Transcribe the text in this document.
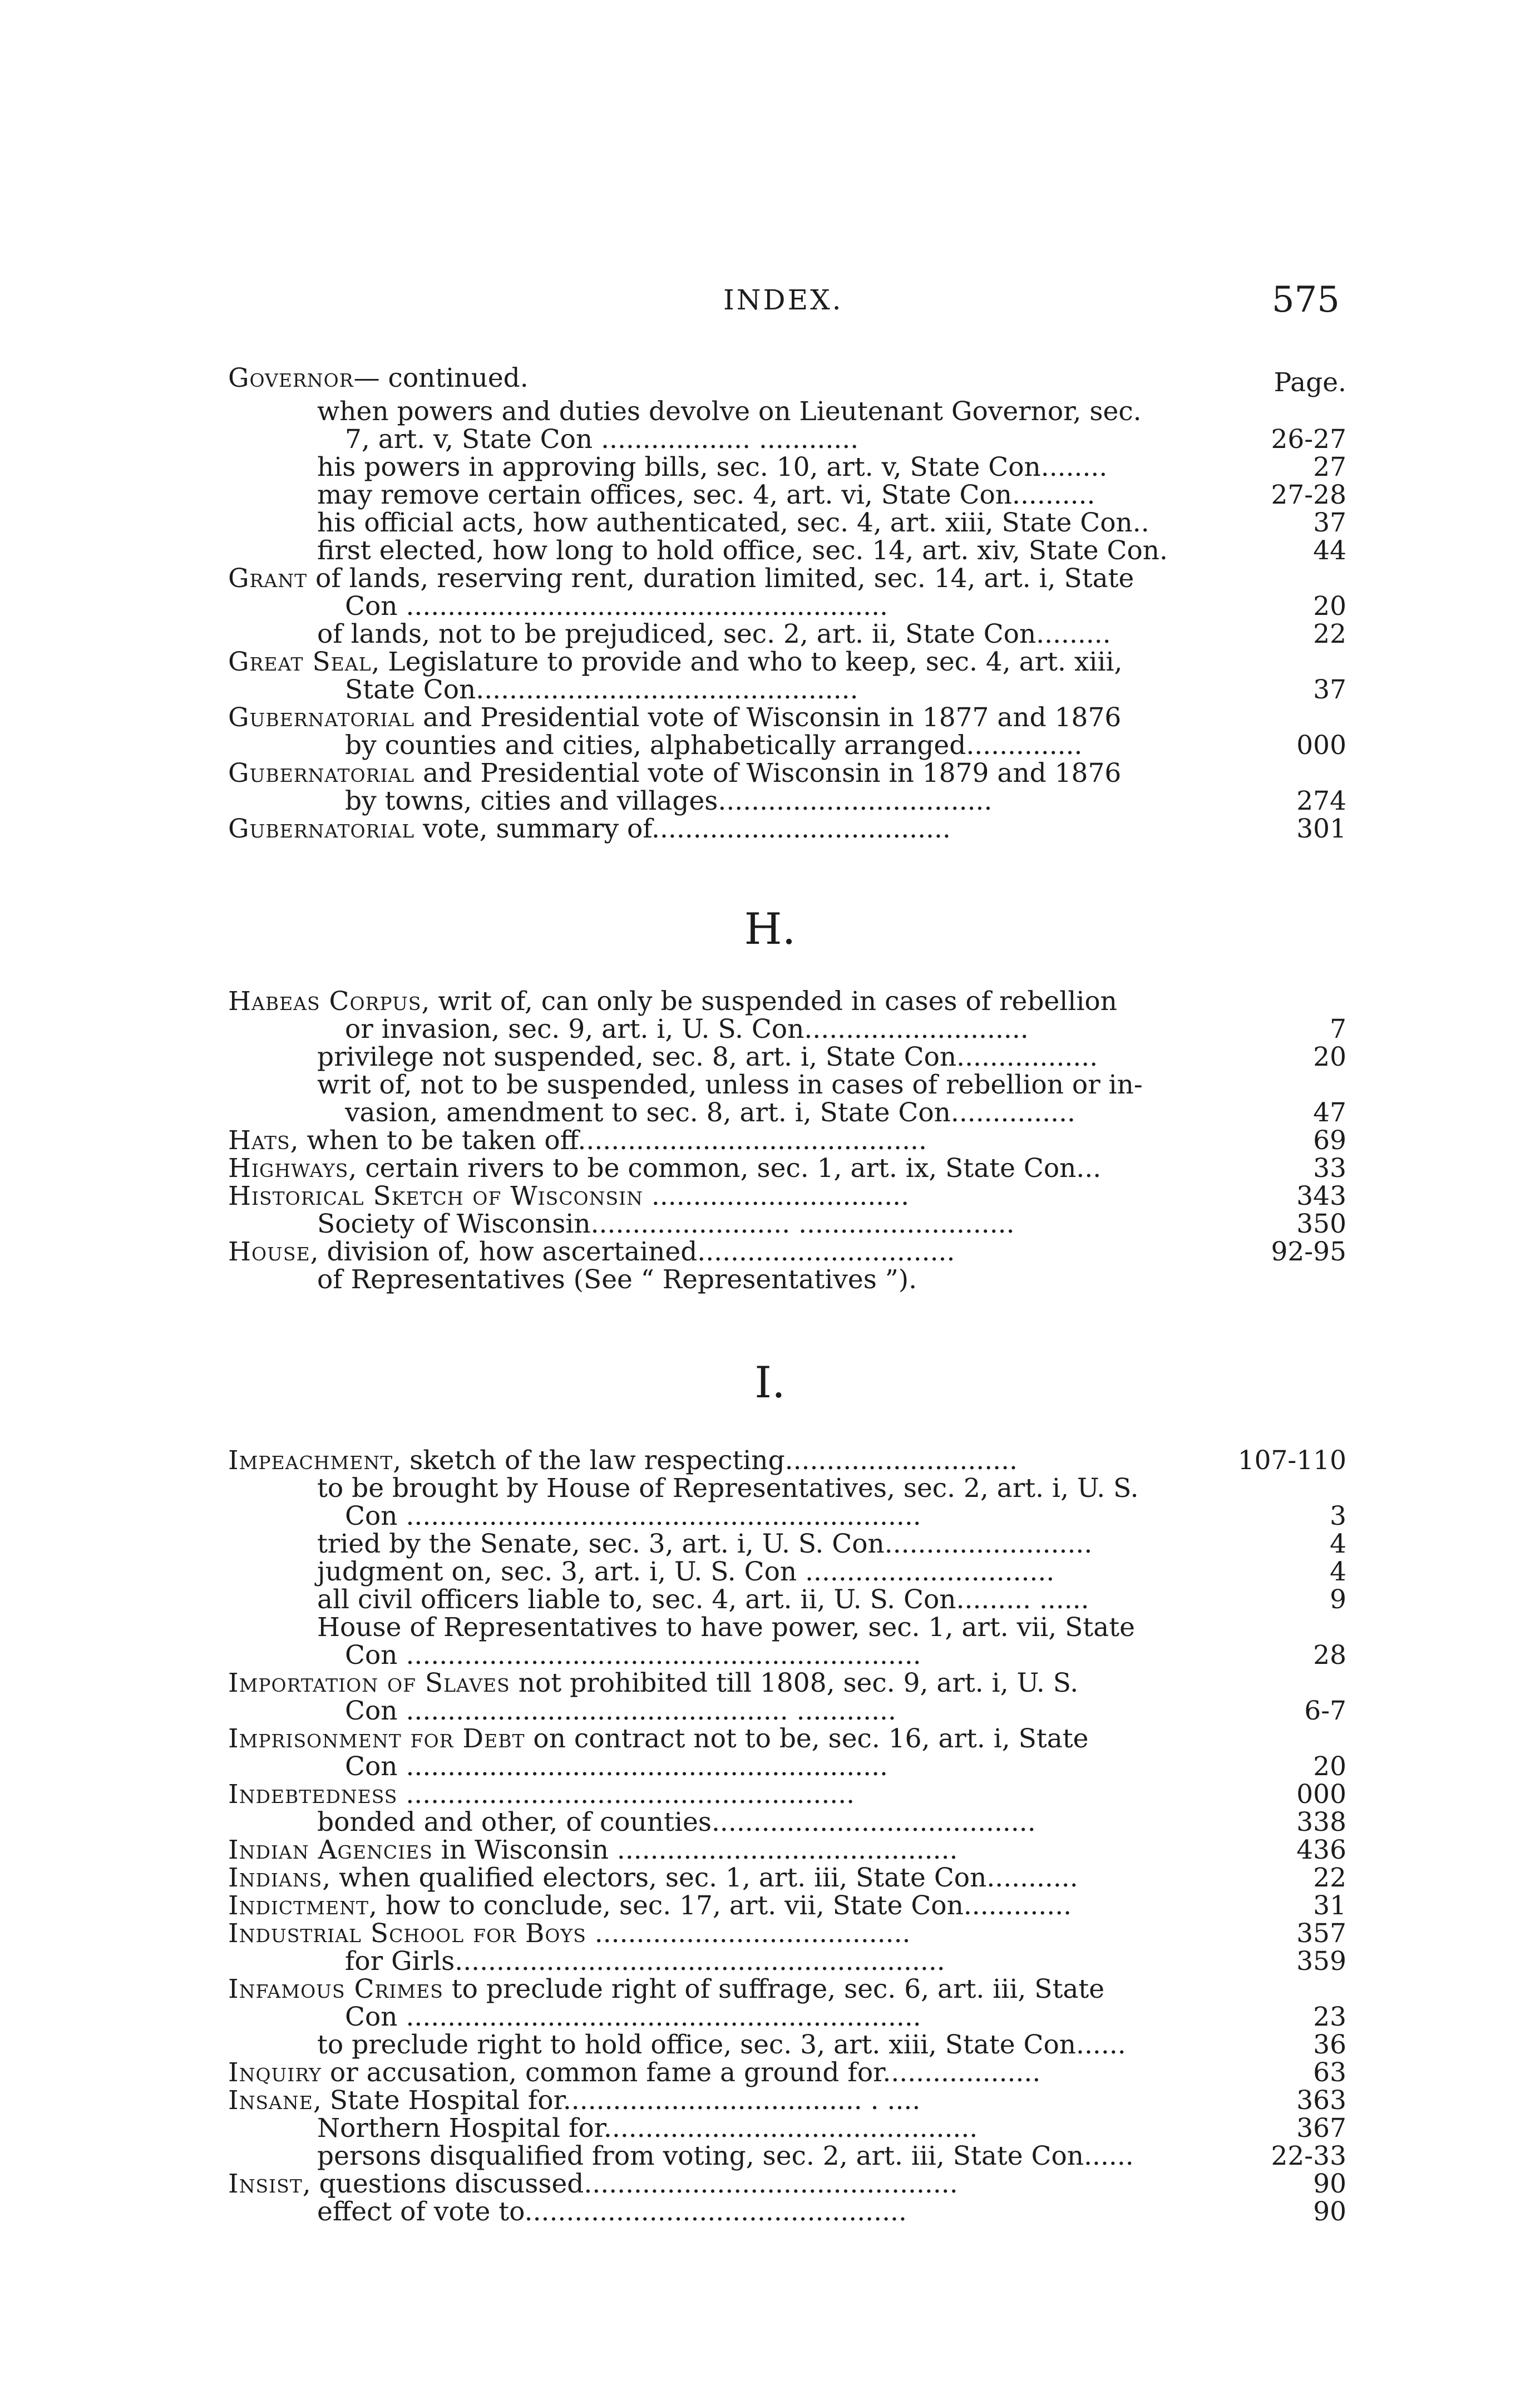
INDEX.	575
Governor— continued.	Page.
when powers and duties devolve on Lieutenant Governor, sec.
7, art. v, State Con .................. ............	26-27
his powers in approving bills, sec. 10, art. v, State Con........	27
may remove certain offices, sec. 4, art. vi, State Con..........	27-28
his official acts, how authenticated, sec. 4, art. xiii, State Con..	37
first elected, how long to hold office, sec. 14, art. xiv, State Con.	44
Grant of lands, reserving rent, duration limited, sec. 14, art. i, State
Con ..........................................................	20
of lands, not to be prejudiced, sec. 2, art. ii, State Con.........	22
Great Seal, Legislature to provide and who to keep, sec. 4, art. xiii,
State Con..............................................	37
Gubernatorial and Presidential vote of Wisconsin in 1877 and 1876
by counties and cities, alphabetically arranged..............	000
Gubernatorial and Presidential vote of Wisconsin in 1879 and 1876
by towns, cities and villages.................................	274
Gubernatorial vote, summary of....................................	301
H.
Habeas Corpus, writ of, can only be suspended in cases of rebellion
or invasion, sec. 9, art. i, U. S. Con...........................	7
privilege not suspended, sec. 8, art. i, State Con.................	20
writ of, not to be suspended, unless in cases of rebellion or in-
vasion, amendment to sec. 8, art. i, State Con...............	47
Hats, when to be taken off..........................................	69
Highways, certain rivers to be common, sec. 1, art. ix, State Con...	33
Historical Sketch of Wisconsin ...............................	343
Society of Wisconsin........................ ..........................	350
House, division of, how ascertained...............................	92-95
of Representatives (See “ Representatives ”).
I.
Impeachment, sketch of the law respecting............................	107-110
to be brought by House of Representatives, sec. 2, art. i, U. S.
Con ..............................................................	3
tried by the Senate, sec. 3, art. i, U. S. Con.........................	4
judgment on, sec. 3, art. i, U. S. Con ..............................	4
all civil officers liable to, sec. 4, art. ii, U. S. Con......... ......	9
House of Representatives to have power, sec. 1, art. vii, State
Con ..............................................................	28
Importation of Slaves not prohibited till 1808, sec. 9, art. i, U. S.
Con .............................................. ............	6-7
Imprisonment for Debt on contract not to be, sec. 16, art. i, State
Con ..........................................................	20
Indebtedness ......................................................	000
bonded and other, of counties.......................................	338
Indian Agencies in Wisconsin .........................................	436
Indians, when qualified electors, sec. 1, art. iii, State Con...........	22
Indictment, how to conclude, sec. 17, art. vii, State Con.............	31
Industrial School for Boys ......................................	357
for Girls...........................................................	359
Infamous Crimes to preclude right of suffrage, sec. 6, art. iii, State
Con ..............................................................	23
to preclude right to hold office, sec. 3, art. xiii, State Con......	36
Inquiry or accusation, common fame a ground for...................	63
Insane, State Hospital for.................................... . ....	363
Northern Hospital for.............................................	367
persons disqualified from voting, sec. 2, art. iii, State Con......	22-33
Insist, questions discussed.............................................	90
effect of vote to..............................................	90
